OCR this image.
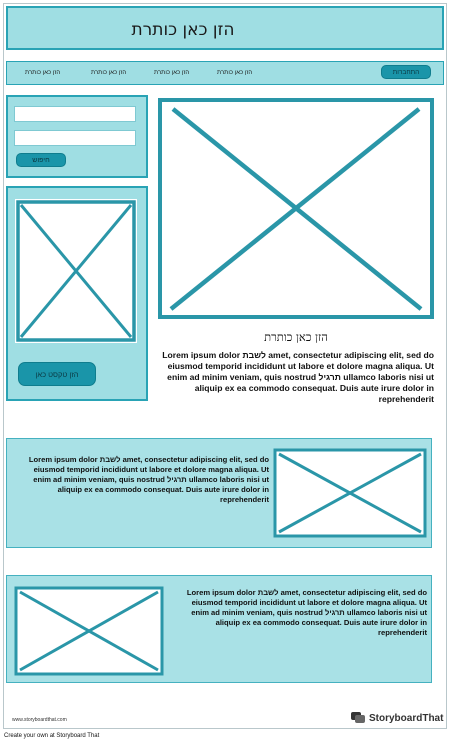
הזן כאן כותרת
הזן כאן כותרת	הזן כאן כותרת	הזן כאן כותרת	הזן כאן כותרת	התחברות
חיפוש
הזן טקסט כאן
הזן כאן כותרת
Lorem ipsum dolor לשבת amet, consectetur adipiscing elit, sed do eiusmod temporid incididunt ut labore et dolore magna aliqua. Ut enim ad minim veniam, quis nostrud תרגיל ullamco laboris nisi ut aliquip ex ea commodo consequat. Duis aute irure dolor in reprehenderit
Lorem ipsum dolor לשבת amet, consectetur adipiscing elit, sed do eiusmod temporid incididunt ut labore et dolore magna aliqua. Ut enim ad minim veniam, quis nostrud תרגיל ullamco laboris nisi ut aliquip ex ea commodo consequat. Duis aute irure dolor in reprehenderit
Lorem ipsum dolor לשבת amet, consectetur adipiscing elit, sed do eiusmod temporid incididunt ut labore et dolore magna aliqua. Ut enim ad minim veniam, quis nostrud תרגיל ullamco laboris nisi ut aliquip ex ea commodo consequat. Duis aute irure dolor in reprehenderit
www.storyboardthat.com	StoryboardThat
Create your own at Storyboard That
